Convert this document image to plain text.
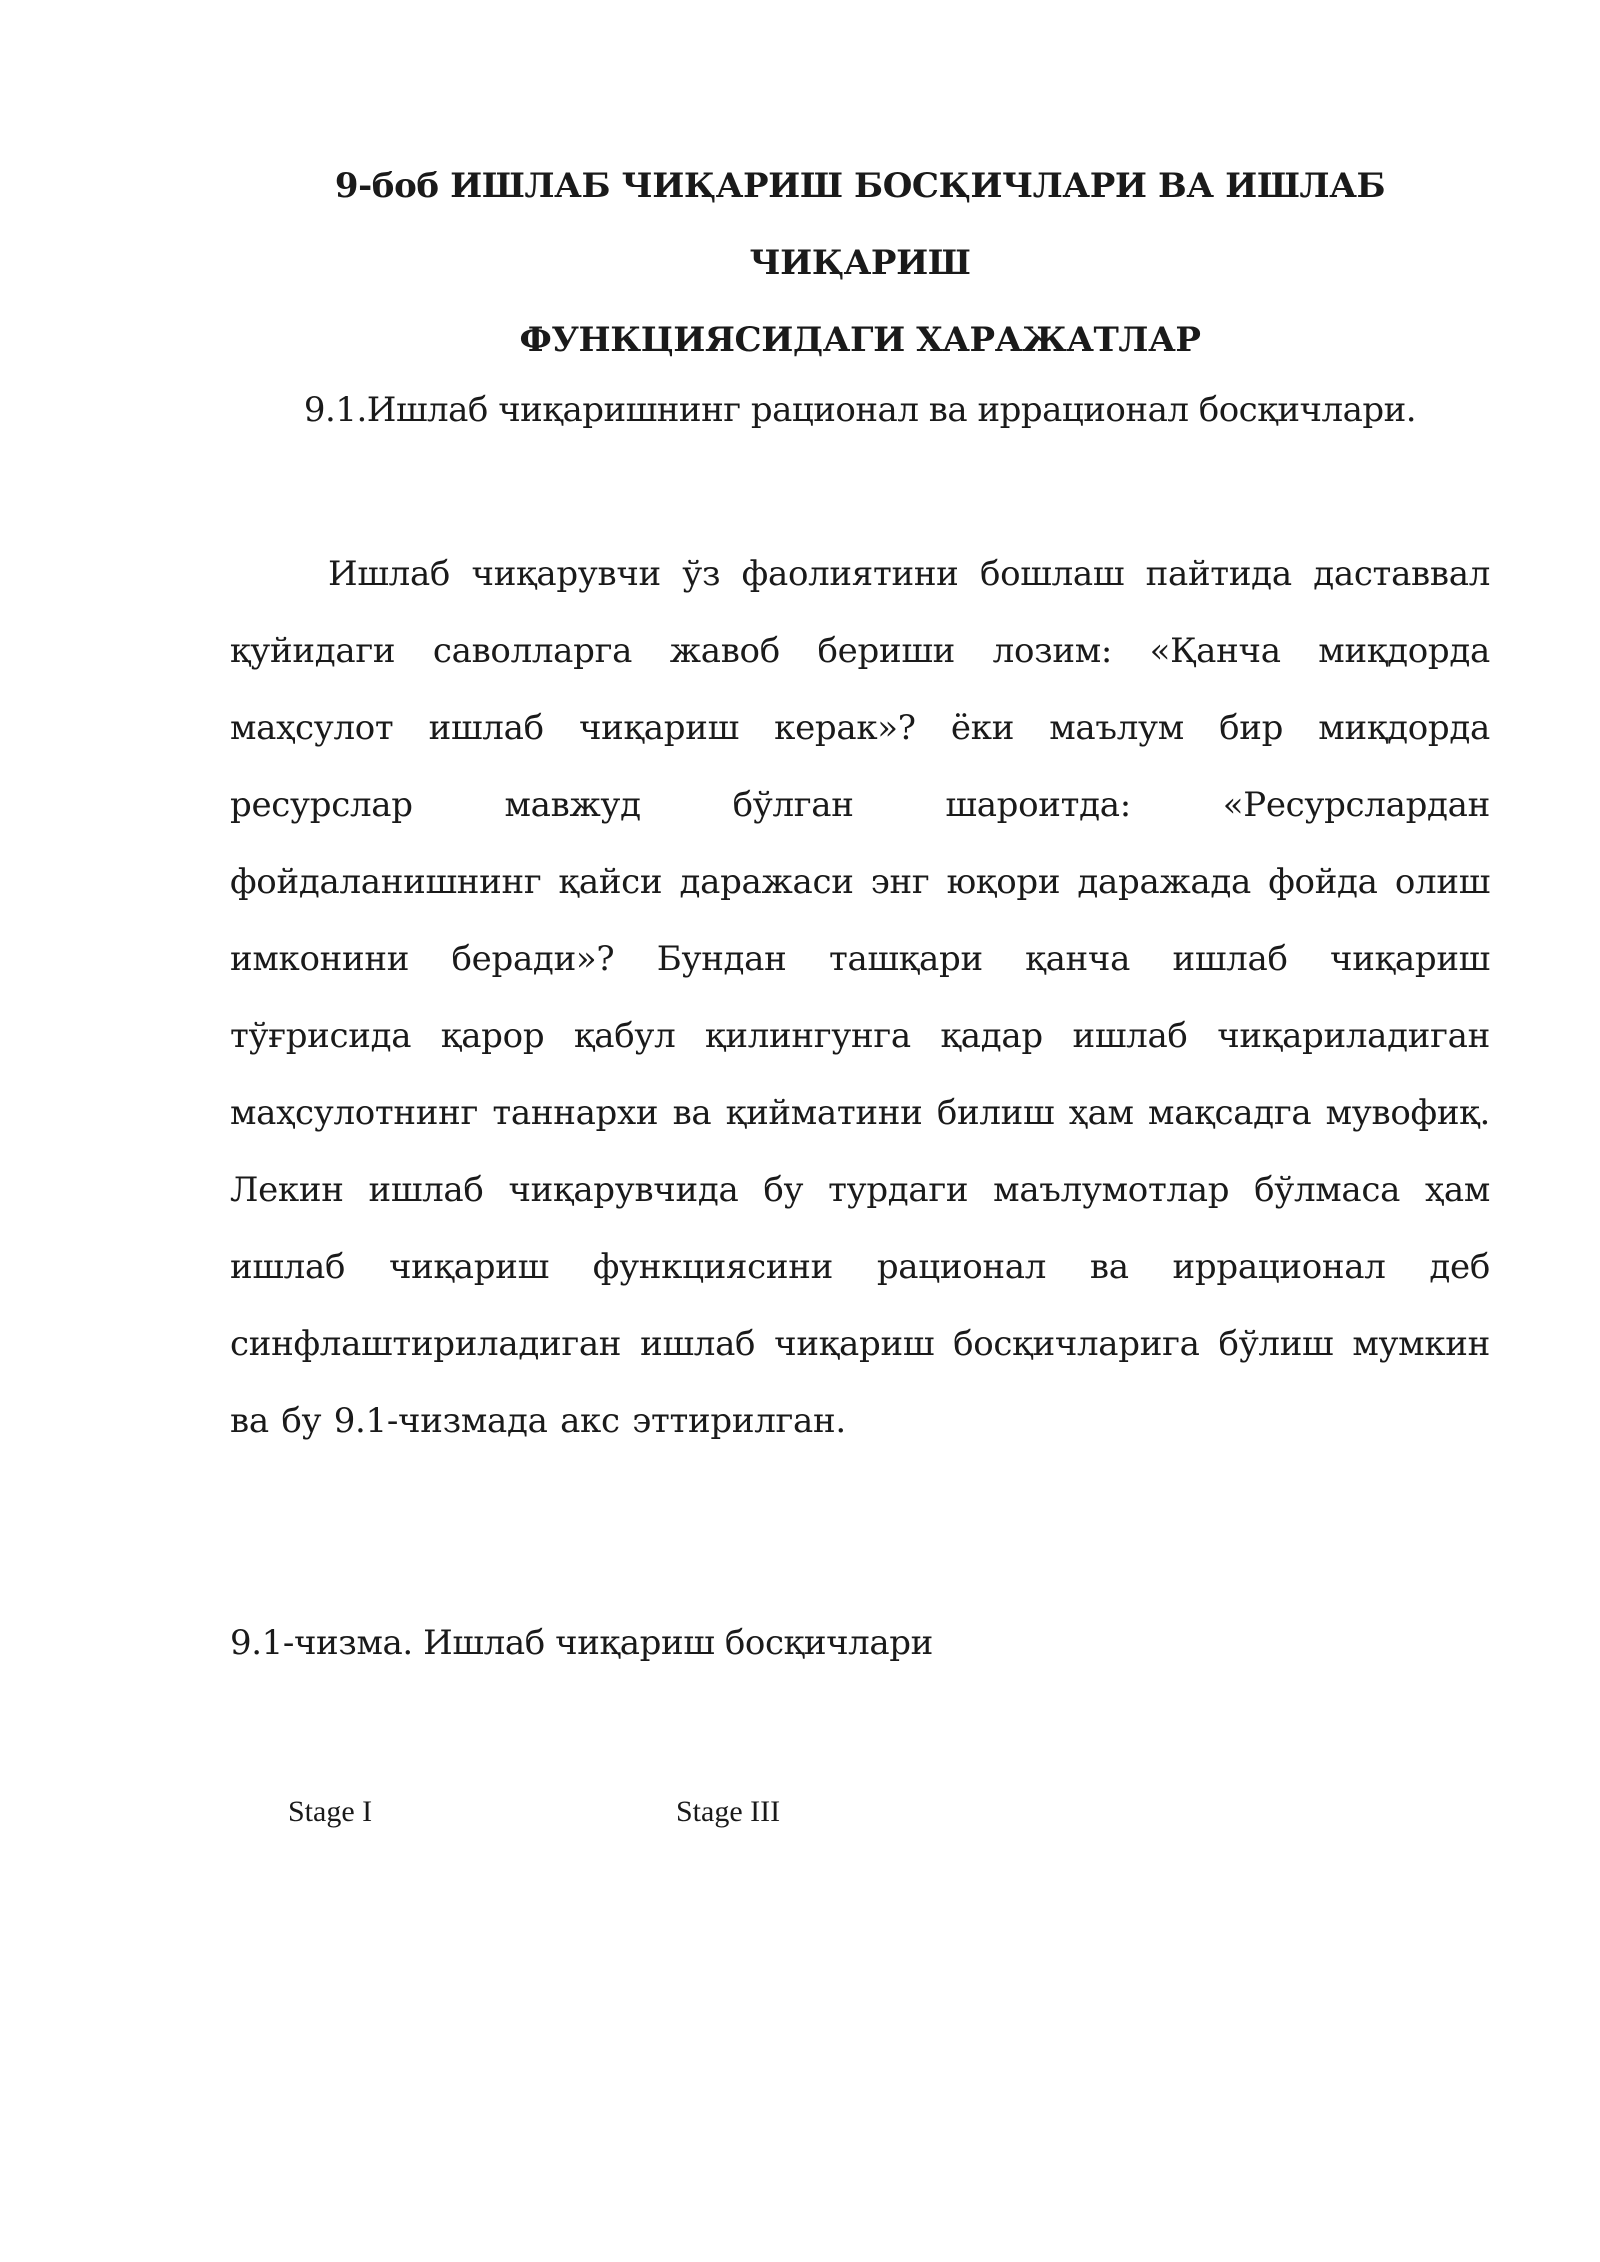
9-боб ИШЛАБ ЧИҚАРИШ БОСҚИЧЛАРИ ВА ИШЛАБ ЧИҚАРИШ
ФУНКЦИЯСИДАГИ ХАРАЖАТЛАР
9.1.Ишлаб чиқаришнинг рационал ва иррационал босқичлари.

Ишлаб чиқарувчи ўз фаолиятини бошлаш пайтида даставвал қуйидаги саволларга жавоб бериши лозим: «Қанча миқдорда маҳсулот ишлаб чиқариш керак»? ёки маълум бир миқдорда ресурслар мавжуд бўлган шароитда: «Ресурслардан фойдаланишнинг қайси даражаси энг юқори даражада фойда олиш имконини беради»? Бундан ташқари қанча ишлаб чиқариш тўғрисида қарор қабул қилингунга қадар ишлаб чиқариладиган маҳсулотнинг таннархи ва қийматини билиш ҳам мақсадга мувофиқ. Лекин ишлаб чиқарувчида бу турдаги маълумотлар бўлмаса ҳам ишлаб чиқариш функциясини рационал ва иррационал деб синфлаштириладиган ишлаб чиқариш босқичларига бўлиш мумкин ва бу 9.1-чизмада акс эттирилган.

9.1-чизма. Ишлаб чиқариш босқичлари

Stage I	Stage III
